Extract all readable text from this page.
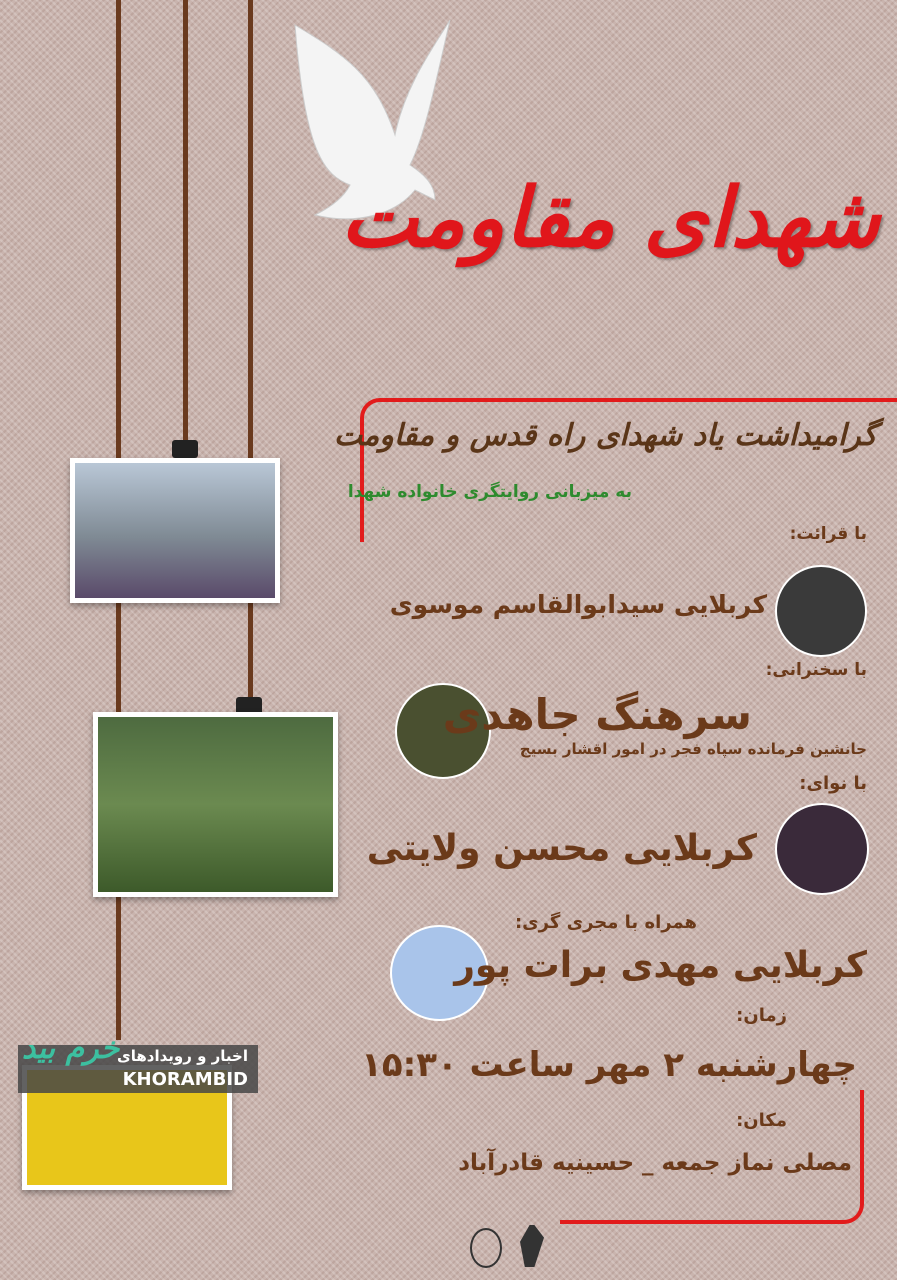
شهدای مقاومت
گرامیداشت یاد شهدای راه قدس و مقاومت
به میزبانی روایتگری خانواده شهدا
با قرائت:
کربلایی سیدابوالقاسم موسوی
با سخنرانی:
سرهنگ جاهدی
جانشین فرمانده سپاه فجر در امور اقشار بسیج
با نوای:
کربلایی محسن ولایتی
همراه با مجری گری:
کربلایی مهدی برات پور
زمان:
چهارشنبه ۲ مهر ساعت ۱۵:۳۰
مکان:
مصلی نماز جمعه _ حسینیه قادرآباد
اخبار و رویدادهای
KHORAMBID
خرم بید
